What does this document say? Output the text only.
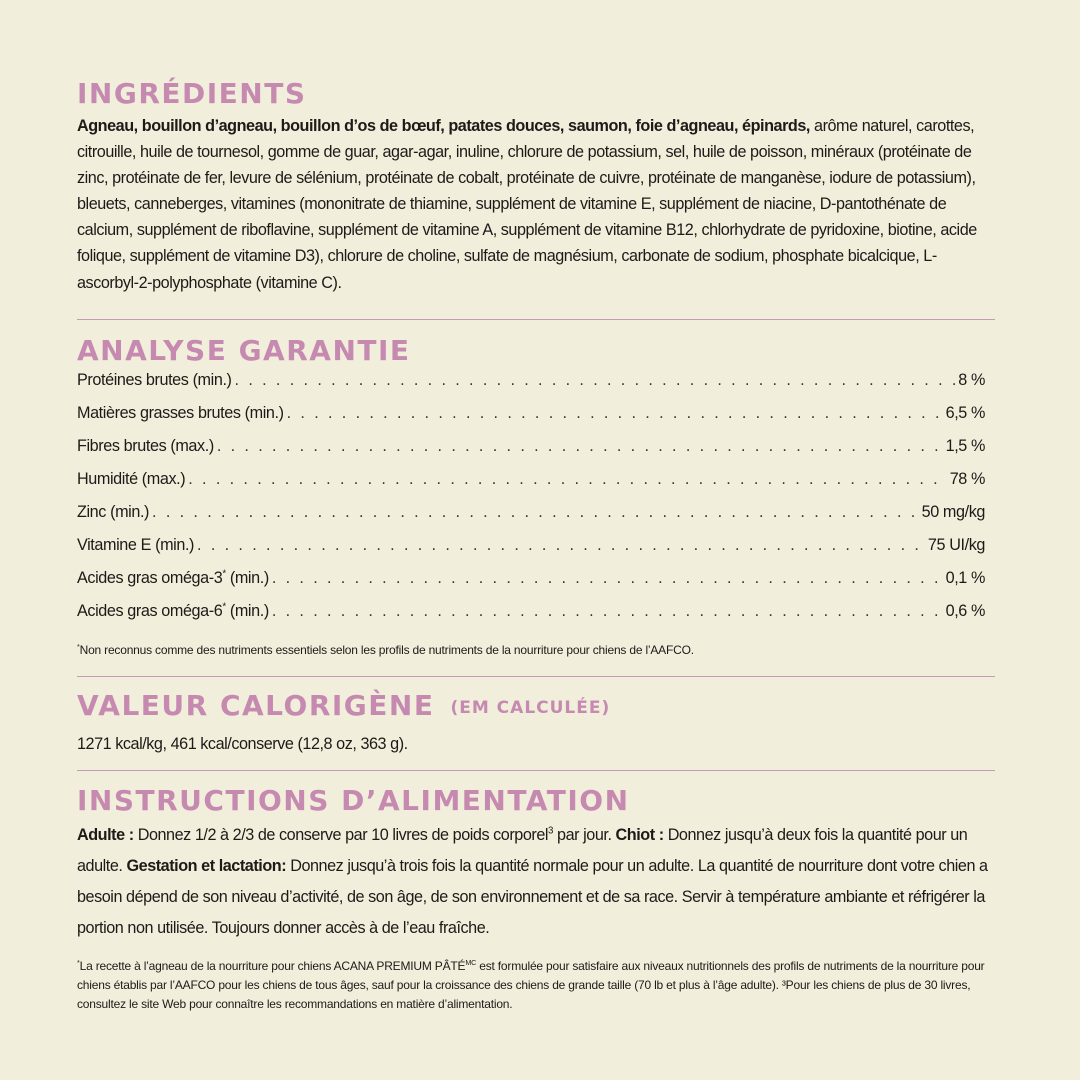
INGRÉDIENTS

Agneau, bouillon d’agneau, bouillon d’os de bœuf, patates douces, saumon, foie d’agneau, épinards, arôme naturel, carottes, citrouille, huile de tournesol, gomme de guar, agar-agar, inuline, chlorure de potassium, sel, huile de poisson, minéraux (protéinate de zinc, protéinate de fer, levure de sélénium, protéinate de cobalt, protéinate de cuivre, protéinate de manganèse, iodure de potassium), bleuets, canneberges, vitamines (mononitrate de thiamine, supplément de vitamine E, supplément de niacine, D-pantothénate de calcium, supplément de riboflavine, supplément de vitamine A, supplément de vitamine B12, chlorhydrate de pyridoxine, biotine, acide folique, supplément de vitamine D3), chlorure de choline, sulfate de magnésium, carbonate de sodium, phosphate bicalcique, L-ascorbyl-2-polyphosphate (vitamine C).

ANALYSE GARANTIE
Protéines brutes (min.) . . .	8 %
Matières grasses brutes (min.) . . .	6,5 %
Fibres brutes (max.) . . .	1,5 %
Humidité (max.) . . .	78 %
Zinc (min.) . . .	50 mg/kg
Vitamine E (min.) . . .	75 UI/kg
Acides gras oméga-3* (min.) . . .	0,1 %
Acides gras oméga-6* (min.) . . .	0,6 %

*Non reconnus comme des nutriments essentiels selon les profils de nutriments de la nourriture pour chiens de l’AAFCO.

VALEUR CALORIGÈNE (EM CALCULÉE)

1271 kcal/kg, 461 kcal/conserve (12,8 oz, 363 g).

INSTRUCTIONS D’ALIMENTATION

Adulte : Donnez 1/2 à 2/3 de conserve par 10 livres de poids corporel$^3$ par jour. Chiot : Donnez jusqu’à deux fois la quantité pour un adulte. Gestation et lactation: Donnez jusqu’à trois fois la quantité normale pour un adulte. La quantité de nourriture dont votre chien a besoin dépend de son niveau d’activité, de son âge, de son environnement et de sa race. Servir à température ambiante et réfrigérer la portion non utilisée. Toujours donner accès à de l’eau fraîche.

*La recette à l’agneau de la nourriture pour chiens ACANA PREMIUM $PÂTÉ^{MC}$ est formulée pour satisfaire aux niveaux nutritionnels des profils de nutriments de la nourriture pour chiens établis par l’AAFCO pour les chiens de tous âges, sauf pour la croissance des chiens de grande taille (70 lb et plus à l’âge adulte). ³Pour les chiens de plus de 30 livres, consultez le site Web pour connaître les recommandations en matière d’alimentation.
